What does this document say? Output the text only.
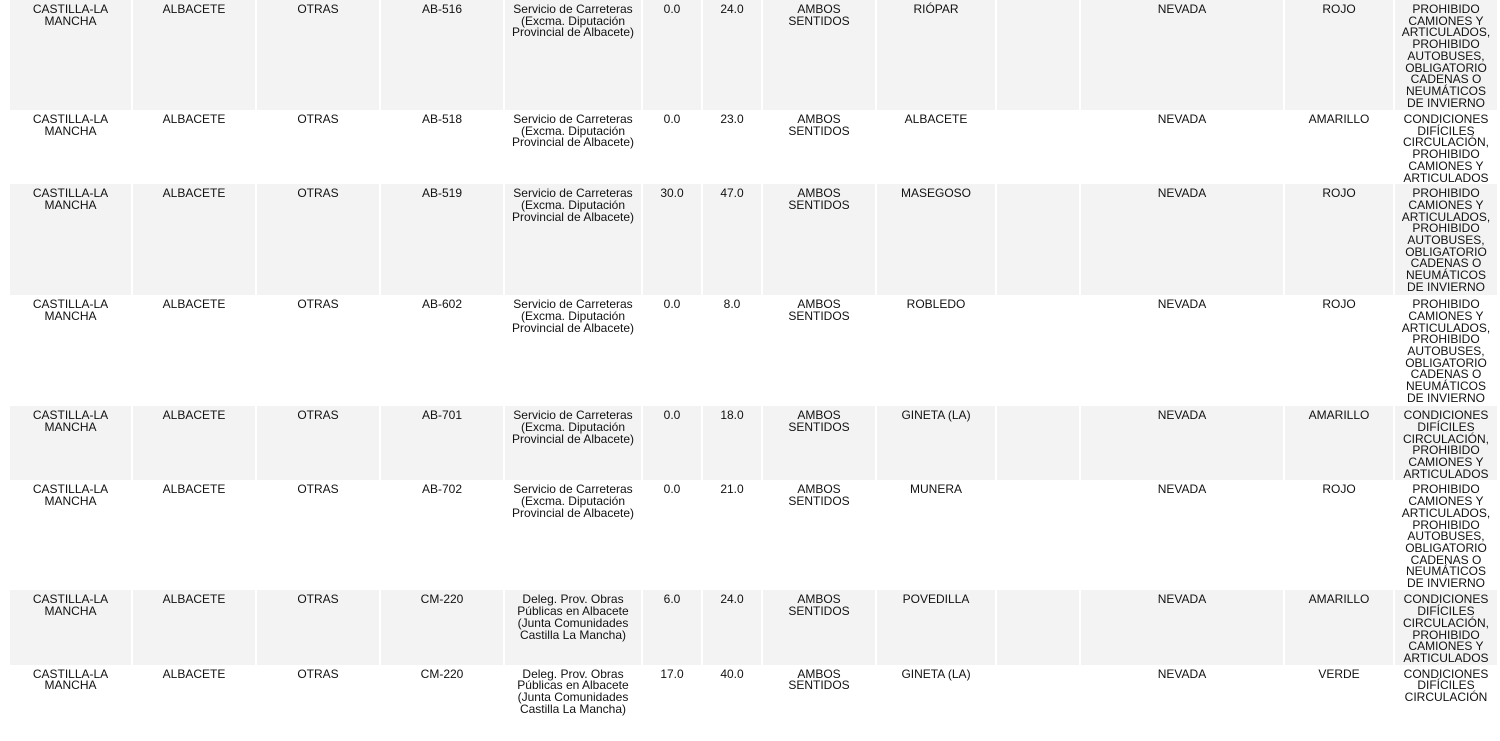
CASTILLA-LA MANCHA	ALBACETE	OTRAS	AB-516	Servicio de Carreteras (Excma. Diputación Provincial de Albacete)	0.0	24.0	AMBOS SENTIDOS	RIÓPAR		NEVADA	ROJO	PROHIBIDO CAMIONES Y ARTICULADOS, PROHIBIDO AUTOBUSES, OBLIGATORIO CADENAS O NEUMÁTICOS DE INVIERNO
CASTILLA-LA MANCHA	ALBACETE	OTRAS	AB-518	Servicio de Carreteras (Excma. Diputación Provincial de Albacete)	0.0	23.0	AMBOS SENTIDOS	ALBACETE		NEVADA	AMARILLO	CONDICIONES DIFÍCILES CIRCULACIÓN, PROHIBIDO CAMIONES Y ARTICULADOS
CASTILLA-LA MANCHA	ALBACETE	OTRAS	AB-519	Servicio de Carreteras (Excma. Diputación Provincial de Albacete)	30.0	47.0	AMBOS SENTIDOS	MASEGOSO		NEVADA	ROJO	PROHIBIDO CAMIONES Y ARTICULADOS, PROHIBIDO AUTOBUSES, OBLIGATORIO CADENAS O NEUMÁTICOS DE INVIERNO
CASTILLA-LA MANCHA	ALBACETE	OTRAS	AB-602	Servicio de Carreteras (Excma. Diputación Provincial de Albacete)	0.0	8.0	AMBOS SENTIDOS	ROBLEDO		NEVADA	ROJO	PROHIBIDO CAMIONES Y ARTICULADOS, PROHIBIDO AUTOBUSES, OBLIGATORIO CADENAS O NEUMÁTICOS DE INVIERNO
CASTILLA-LA MANCHA	ALBACETE	OTRAS	AB-701	Servicio de Carreteras (Excma. Diputación Provincial de Albacete)	0.0	18.0	AMBOS SENTIDOS	GINETA (LA)		NEVADA	AMARILLO	CONDICIONES DIFÍCILES CIRCULACIÓN, PROHIBIDO CAMIONES Y ARTICULADOS
CASTILLA-LA MANCHA	ALBACETE	OTRAS	AB-702	Servicio de Carreteras (Excma. Diputación Provincial de Albacete)	0.0	21.0	AMBOS SENTIDOS	MUNERA		NEVADA	ROJO	PROHIBIDO CAMIONES Y ARTICULADOS, PROHIBIDO AUTOBUSES, OBLIGATORIO CADENAS O NEUMÁTICOS DE INVIERNO
CASTILLA-LA MANCHA	ALBACETE	OTRAS	CM-220	Deleg. Prov. Obras Públicas en Albacete (Junta Comunidades Castilla La Mancha)	6.0	24.0	AMBOS SENTIDOS	POVEDILLA		NEVADA	AMARILLO	CONDICIONES DIFÍCILES CIRCULACIÓN, PROHIBIDO CAMIONES Y ARTICULADOS
CASTILLA-LA MANCHA	ALBACETE	OTRAS	CM-220	Deleg. Prov. Obras Públicas en Albacete (Junta Comunidades Castilla La Mancha)	17.0	40.0	AMBOS SENTIDOS	GINETA (LA)		NEVADA	VERDE	CONDICIONES DIFÍCILES CIRCULACIÓN
